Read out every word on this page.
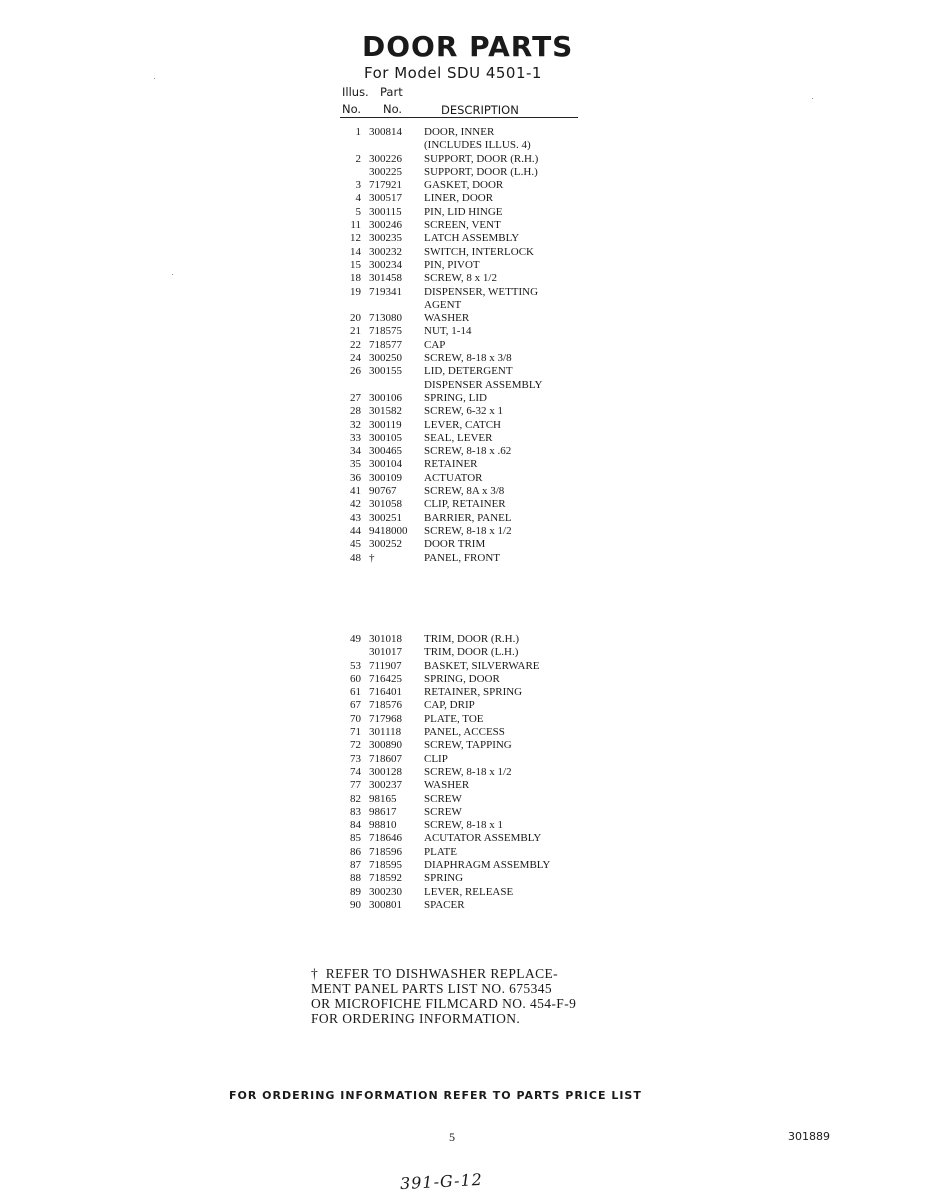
DOOR PARTS
For Model SDU 4501-1
Illus. Part
No. No.	DESCRIPTION
1 300814 DOOR, INNER
(INCLUDES ILLUS. 4)
2 300226 SUPPORT, DOOR (R.H.)
300225 SUPPORT, DOOR (L.H.)
3 717921 GASKET, DOOR
4 300517 LINER, DOOR
5 300115 PIN, LID HINGE
11 300246 SCREEN, VENT
12 300235 LATCH ASSEMBLY
14 300232 SWITCH, INTERLOCK
15 300234 PIN, PIVOT
18 301458 SCREW, 8 x 1/2
19 719341 DISPENSER, WETTING
AGENT
20 713080 WASHER
21 718575 NUT, 1-14
22 718577 CAP
24 300250 SCREW, 8-18 x 3/8
26 300155 LID, DETERGENT
DISPENSER ASSEMBLY
27 300106 SPRING, LID
28 301582 SCREW, 6-32 x 1
32 300119 LEVER, CATCH
33 300105 SEAL, LEVER
34 300465 SCREW, 8-18 x .62
35 300104 RETAINER
36 300109 ACTUATOR
41 90767	SCREW, 8A x 3/8
42 301058 CLIP, RETAINER
43 300251 BARRIER, PANEL
44 9418000 SCREW, 8-18 x 1/2
45 300252 DOOR TRIM
48 †	PANEL, FRONT
49 301018 TRIM, DOOR (R.H.)
301017 TRIM, DOOR (L.H.)
53 711907 BASKET, SILVERWARE
60 716425 SPRING, DOOR
61 716401 RETAINER, SPRING
67 718576 CAP, DRIP
70 717968 PLATE, TOE
71 301118 PANEL, ACCESS
72 300890 SCREW, TAPPING
73 718607 CLIP
74 300128 SCREW, 8-18 x 1/2
77 300237 WASHER
82 98165	SCREW
83 98617	SCREW
84 98810	SCREW, 8-18 x 1
85 718646 ACUTATOR ASSEMBLY
86 718596 PLATE
87 718595 DIAPHRAGM ASSEMBLY
88 718592 SPRING
89 300230 LEVER, RELEASE
90 300801 SPACER
†  REFER TO DISHWASHER REPLACE-
MENT PANEL PARTS LIST NO. 675345
OR MICROFICHE FILMCARD NO. 454-F-9
FOR ORDERING INFORMATION.
FOR ORDERING INFORMATION REFER TO PARTS PRICE LIST
5	301889
391-G-12
